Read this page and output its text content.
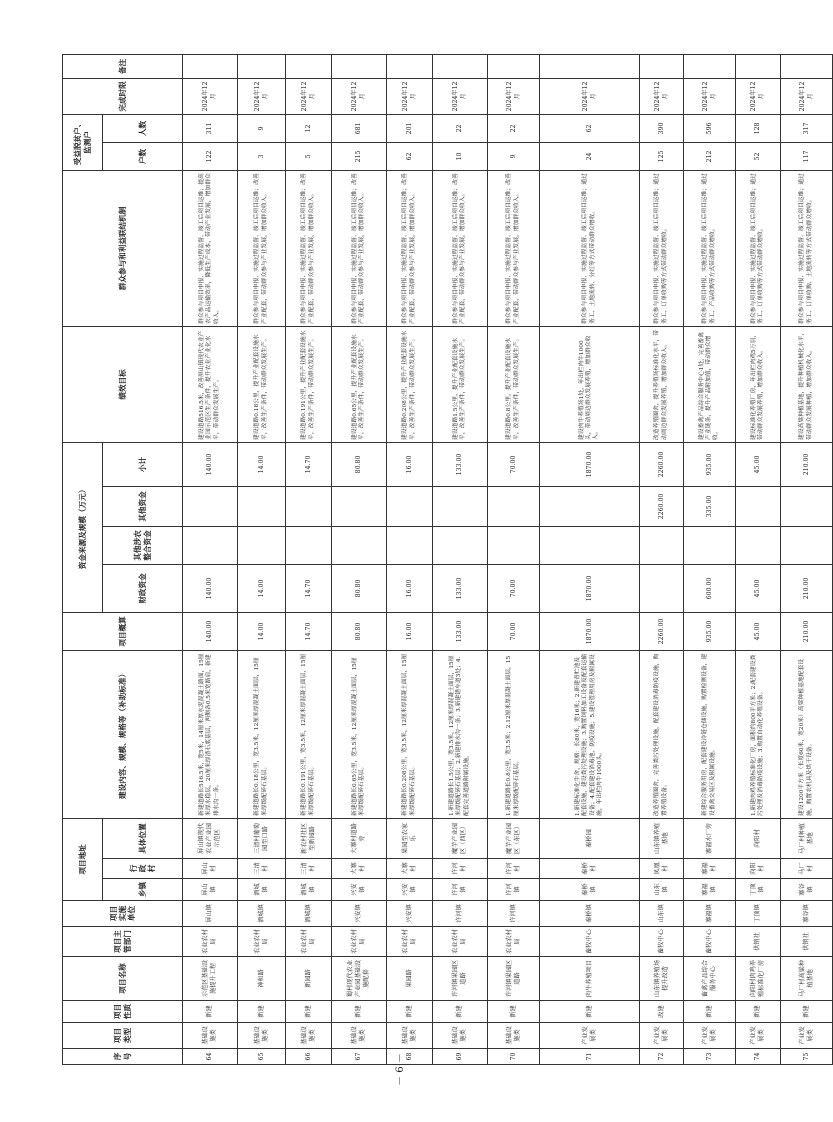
序号	项目类型	项目性质	项目名称	项目主管部门	项目实施单位	项目地址			建设内容、规模、规格等（补助标准）	项目概算	资金来源及规模（万元）				绩效目标	群众参与和利益联结机制	受益脱贫户、监测户		完成时限	备注
						乡镇	行政村	具体位置			财政资金	其他涉农整合资金	其他资金	小计			户数	人数		

64	基础设施类	新建	示范区基础设施提升工程	农业农村局	屏山镇	屏山镇	屏山村	屏山镇现代农业产业园示范区	新建道路长516.5米，宽5米，14厘米厚水泥混凝土路面，15厘米厚水稳层，20厘米厚渣石底基层，两侧各0.5米宽路肩，新建排水沟一条。	140.00	140.00			140.00	建设道路516.5米，改善屏山镇现代农业产业园示范区生产条件，提升农业产业化水平，带动群众发展生产。	群众参与项目申报、实施过程监督、竣工后项目运维；提高农产品运输效率，降低生产成本，带动产业发展，增加群众收入。	122	311	2024年12月	
65	基础设施类	新建	神和路	农业农村局	酒城镇	酒城镇	三清村	三清村葡萄园至口路	新建道路长0.18公里，宽3.5米，12厘米厚混凝土面层，15厘米厚级配碎石基层。	14.00	14.00			14.00	建设道路0.18公里，提升产业配套设施水平，改善生产条件，带动群众发展生产。	群众参与项目申报、实施过程监督、竣工后项目运维；改善产业配套，带动群众参与产业发展，增加群众收入。	3	9	2024年12月	
66	基础设施类	新建	新园路	农业农村局	酒城镇	酒城镇	三清村	新农村社区至新园路	新建道路长0.191公里，宽3.5米，12厘米厚混凝土面层，15厘米厚级配碎石基层。	14.70	14.70			14.70	建设道路0.191公里，提升产业配套设施水平，改善生产条件，带动群众发展生产。	群众参与项目申报、实施过程监督、竣工后项目运维；改善产业配套，带动群众参与产业发展，增加群众收入。	5	12	2024年12月	
67	基础设施类	新建	蜀村现代农业产业园基础设施配套	农业农村局	兴安镇	兴安镇	大寨村	大寨村道路旁	新建道路长0.65公里，宽3.5米，12厘米厚混凝土面层，15厘米厚级配碎石基层。	80.80	80.80			80.80	建设道路0.65公里，提升产业配套设施水平，改善生产条件，带动群众发展生产。	群众参与项目申报、实施过程监督、竣工后项目运维；改善产业配套，带动群众参与产业发展，增加群众收入。	215	681	2024年12月	
68	基础设施类	新建	果园路	农业农村局	兴安镇	兴安镇	大寨村	果园至农家乐	新建道路长0.208公里，宽3.5米，12厘米厚混凝土面层，15厘米厚级配碎石基层。	16.00	16.00			16.00	建设道路0.208公里，提升产业配套设施水平，改善生产条件，带动群众发展生产。	群众参与项目申报、实施过程监督、竣工后项目运维；改善产业配套，带动群众参与产业发展，增加群众收入。	62	201	2024年12月	
69	基础设施类	新建	许河镇果园区道路	农业农村局	许河镇	许河镇	许河村	魔芋产业园区（西区）	1.新建道路长1.5公里，宽3.5米，12厘米厚混凝土面层，15厘米厚级配碎石基层；2.新建排水沟一条；3.新建错车道3处；4.配套完善道路附属设施。	133.00	133.00			133.00	建设道路1.5公里，提升产业配套设施水平，改善生产条件，带动群众发展生产。	群众参与项目申报、实施过程监督、竣工后项目运维；改善产业配套，带动群众参与产业发展，增加群众收入。	10	22	2024年12月	
70	基础设施类	新建	许河镇果园区道路	农业农村局	许河镇	许河镇	许河村	魔芋产业园区（东区）	1.新建道路长0.8公里，宽3.5米；2.12厘米厚混凝土面层，15厘米厚级配碎石基层。	70.00	70.00			70.00	建设道路0.8公里，提升产业配套设施水平，改善生产条件，带动群众发展生产。	群众参与项目申报、实施过程监督、竣工后项目运维；改善产业配套，带动群众参与产业发展，增加群众收入。	9	22	2024年12月	
71	产业发展类	新建	肉牛养殖项目	畜牧中心	秦桥镇	秦桥镇	秦桥村	秦桥园	1.新建标准化牛舍，规格：长80米，宽16米；2.新建青贮池及配套设施，建设粪污处理设施；3.购置饲料加工设备及配套运输设备；4.配套建设消毒池、防疫设施；5.建设管理用房及附属设施，年出栏肉牛1000头。	1870.00	1870.00			1870.00	建设肉牛养殖场1处，年出栏肉牛1000头，带动周边群众发展养殖，增加群众收入。	群众参与项目申报、实施过程监督、竣工后项目运维；通过务工、土地流转、分红等方式带动群众增收。	24	62	2024年12月	
72	产业发展类	改建	山东镇养殖场提升改造	畜牧中心	山东镇	山东镇	凤凰村	山东镇养殖基地	改造养殖圈舍，完善粪污处理设施，配套建设消毒防疫设施，购置养殖设备。	2260.00			2260.00	2260.00	改造养殖圈舍，提升养殖场标准化水平，带动周边群众发展养殖，增加群众收入。	群众参与项目申报、实施过程监督、竣工后项目运维；通过务工、订单收购等方式带动群众增收。	125	390	2024年12月	
73	产业发展类	新建	畜禽产品综合服务中心	畜牧中心	寨福镇	寨福镇	寨福村	寨福水厂旁	新建综合服务用房，配套建设冷链仓储设施，购置检测设备，建设畜禽交易区及附属设施。	935.00	600.00		335.00	935.00	建设畜禽产品综合服务中心1处，完善畜禽产业链条，提升产品附加值，带动群众增收。	群众参与项目申报、实施过程监督、竣工后项目运维；通过务工、产品收购等方式带动群众增收。	212	596	2024年12月	
74	产业发展类	新建	向阳村肉鸡养殖标准化厂房	供销社	丁顶镇	丁顶镇	向阳村	向阳村	1.新建肉鸡养殖标准化厂房，面积约800平方米；2.配套建设粪污处理及消毒防疫设施；3.购置自动化养殖设备。	45.00	45.00			45.00	建设标准化养殖厂房，年出栏肉鸡5万羽，带动群众发展养殖，增加群众收入。	群众参与项目申报、实施过程监督、竣工后项目运维；通过务工、订单收购等方式带动群众增收。	52	128	2024年12月	
75	产业发展类	新建	马厂村高粱种植基地	供销社	寨谷镇	寨谷镇	马厂村	马厂村种植基地	建设1200平方米（长度60米，宽20米）高粱种植基地配套设施，购置农机具及烘干设备。	210.00	210.00			210.00	建设高粱种植基地，提升种植机械化水平，带动群众发展种植，增加群众收入。	群众参与项目申报、实施过程监督、竣工后项目运维；通过务工、订单收购、土地流转等方式带动群众增收。	117	317	2024年12月	
－ 6 －
